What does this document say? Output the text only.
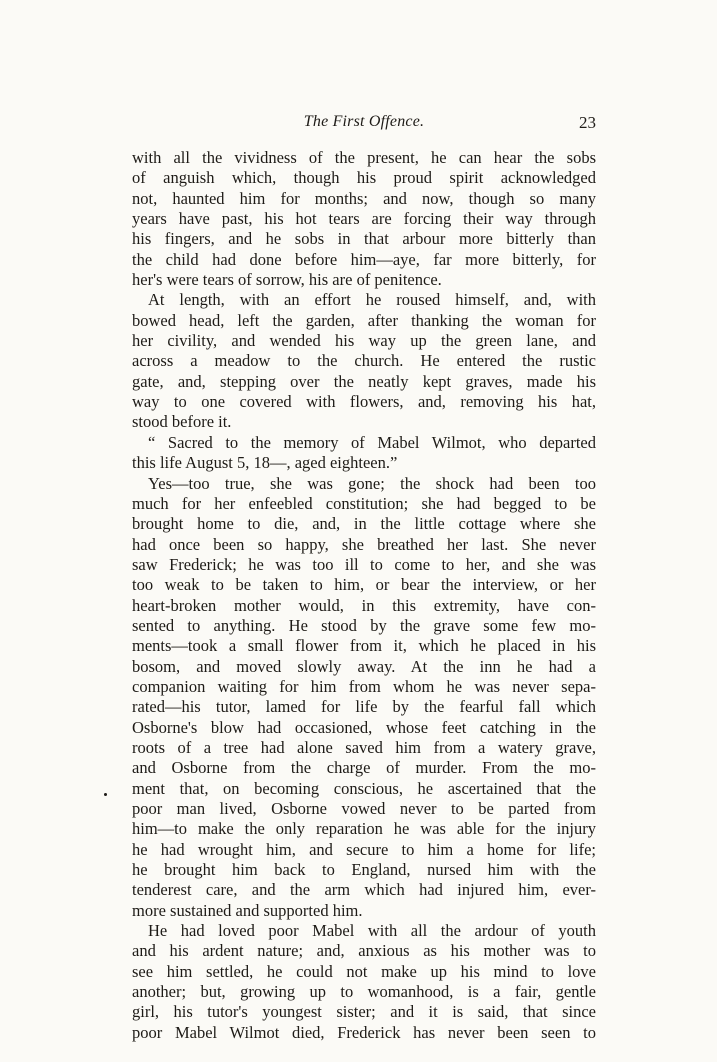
The First Offence.	23
with all the vividness of the present, he can hear the sobs
of anguish which, though his proud spirit acknowledged
not, haunted him for months; and now, though so many
years have past, his hot tears are forcing their way through
his fingers, and he sobs in that arbour more bitterly than
the child had done before him—aye, far more bitterly, for
her's were tears of sorrow, his are of penitence.
At length, with an effort he roused himself, and, with
bowed head, left the garden, after thanking the woman for
her civility, and wended his way up the green lane, and
across a meadow to the church. He entered the rustic
gate, and, stepping over the neatly kept graves, made his
way to one covered with flowers, and, removing his hat,
stood before it.
“ Sacred to the memory of Mabel Wilmot, who departed
this life August 5, 18—, aged eighteen.”
Yes—too true, she was gone; the shock had been too
much for her enfeebled constitution; she had begged to be
brought home to die, and, in the little cottage where she
had once been so happy, she breathed her last. She never
saw Frederick; he was too ill to come to her, and she was
too weak to be taken to him, or bear the interview, or her
heart-broken mother would, in this extremity, have con-
sented to anything. He stood by the grave some few mo-
ments—took a small flower from it, which he placed in his
bosom, and moved slowly away. At the inn he had a
companion waiting for him from whom he was never sepa-
rated—his tutor, lamed for life by the fearful fall which
Osborne's blow had occasioned, whose feet catching in the
roots of a tree had alone saved him from a watery grave,
and Osborne from the charge of murder. From the mo-
ment that, on becoming conscious, he ascertained that the
poor man lived, Osborne vowed never to be parted from
him—to make the only reparation he was able for the injury
he had wrought him, and secure to him a home for life;
he brought him back to England, nursed him with the
tenderest care, and the arm which had injured him, ever-
more sustained and supported him.
He had loved poor Mabel with all the ardour of youth
and his ardent nature; and, anxious as his mother was to
see him settled, he could not make up his mind to love
another; but, growing up to womanhood, is a fair, gentle
girl, his tutor's youngest sister; and it is said, that since
poor Mabel Wilmot died, Frederick has never been seen to
